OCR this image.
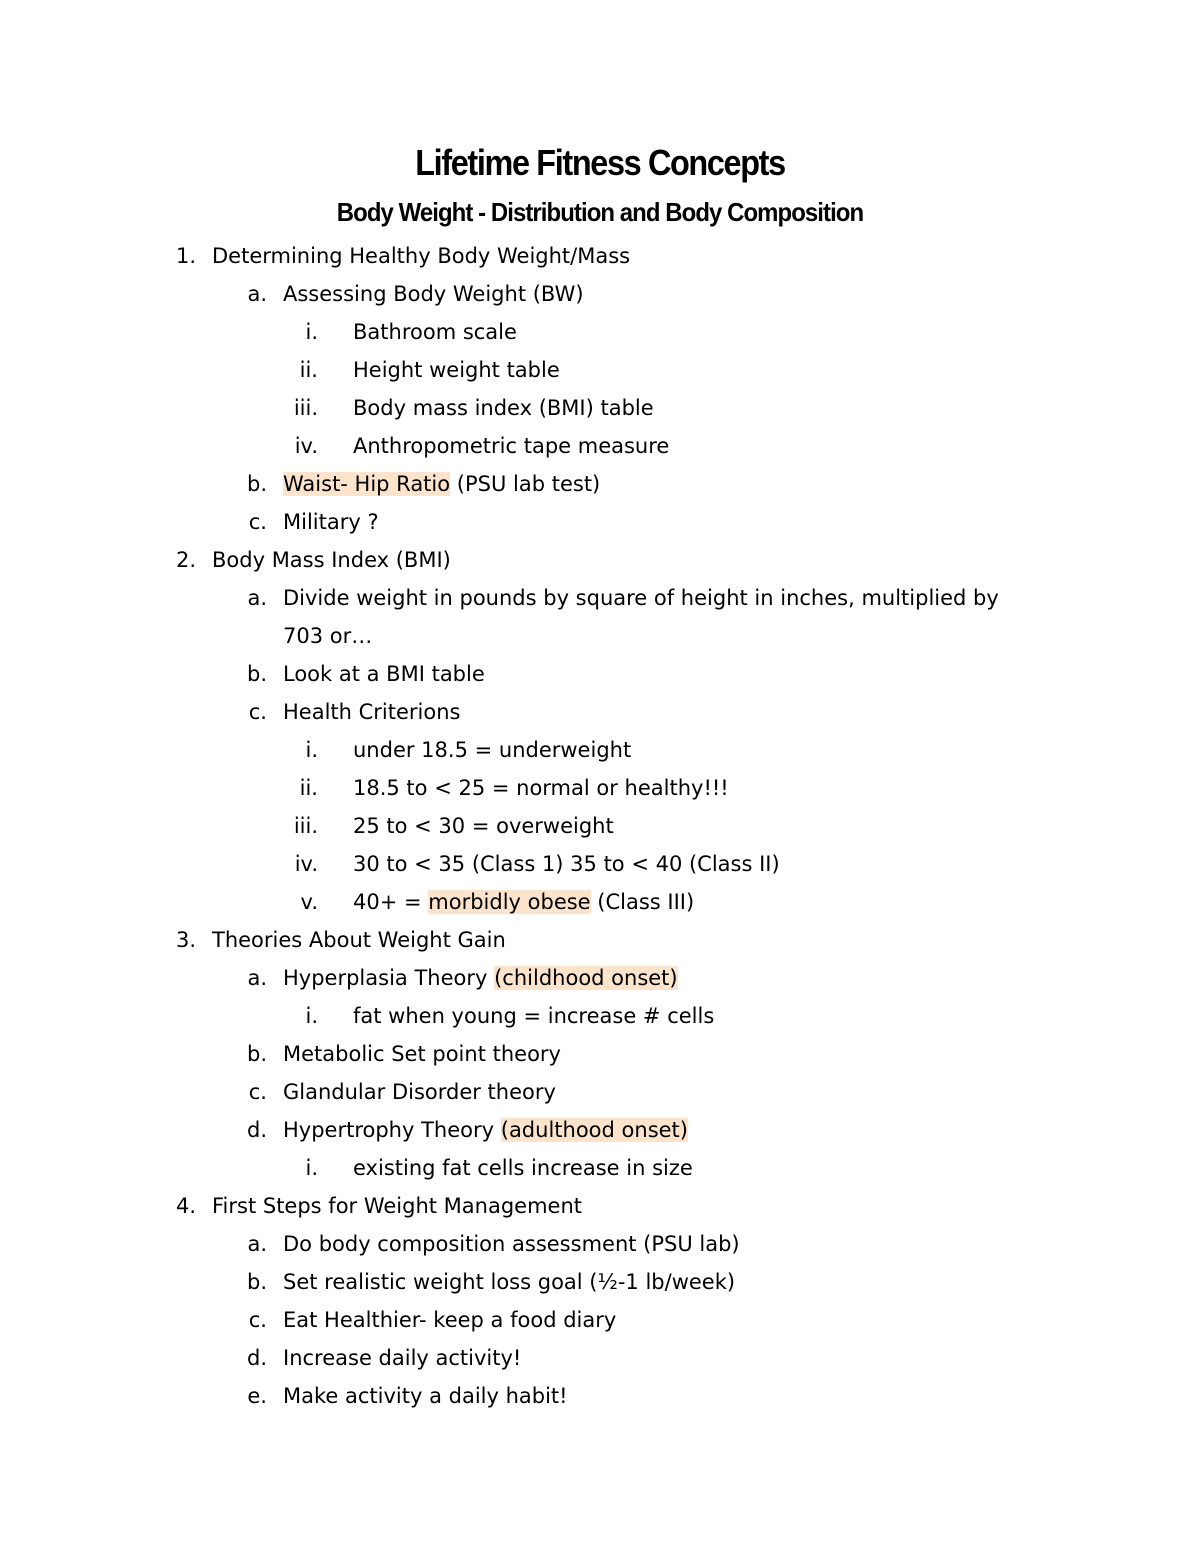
Lifetime Fitness Concepts
Body Weight - Distribution and Body Composition
1. Determining Healthy Body Weight/Mass
a. Assessing Body Weight (BW)
i. Bathroom scale
ii. Height weight table
iii. Body mass index (BMI) table
iv. Anthropometric tape measure
b. Waist- Hip Ratio (PSU lab test)
c. Military ?
2. Body Mass Index (BMI)
a. Divide weight in pounds by square of height in inches, multiplied by
703 or…
b. Look at a BMI table
c. Health Criterions
i. under 18.5 = underweight
ii. 18.5 to < 25 = normal or healthy!!!
iii. 25 to < 30 = overweight
iv. 30 to < 35 (Class 1) 35 to < 40 (Class II)
v. 40+ = morbidly obese (Class III)
3. Theories About Weight Gain
a. Hyperplasia Theory (childhood onset)
i. fat when young = increase # cells
b. Metabolic Set point theory
c. Glandular Disorder theory
d. Hypertrophy Theory (adulthood onset)
i. existing fat cells increase in size
4. First Steps for Weight Management
a. Do body composition assessment (PSU lab)
b. Set realistic weight loss goal (½-1 lb/week)
c. Eat Healthier- keep a food diary
d. Increase daily activity!
e. Make activity a daily habit!
